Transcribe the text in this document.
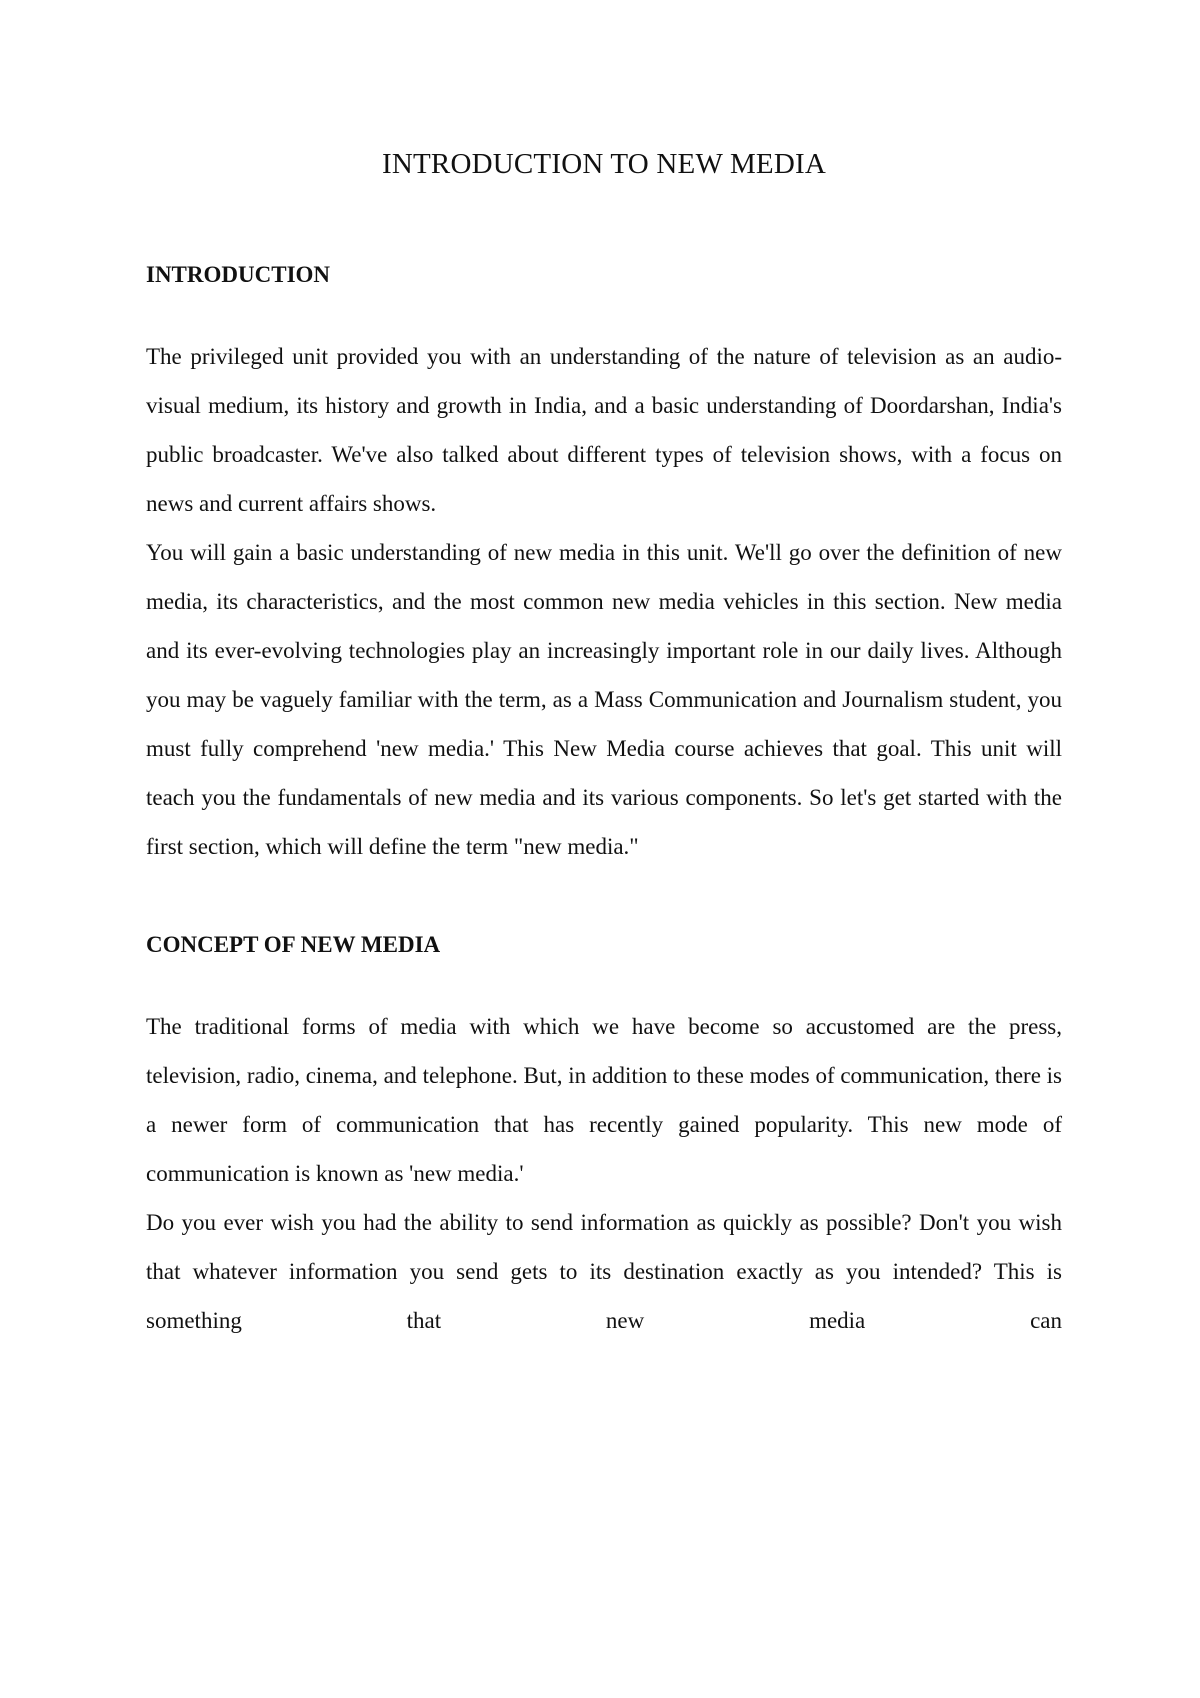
INTRODUCTION TO NEW MEDIA
INTRODUCTION

The privileged unit provided you with an understanding of the nature of television as an audio-visual medium, its history and growth in India, and a basic understanding of Doordarshan, India's public broadcaster. We've also talked about different types of television shows, with a focus on news and current affairs shows.

You will gain a basic understanding of new media in this unit. We'll go over the definition of new media, its characteristics, and the most common new media vehicles in this section. New media and its ever-evolving technologies play an increasingly important role in our daily lives. Although you may be vaguely familiar with the term, as a Mass Communication and Journalism student, you must fully comprehend 'new media.' This New Media course achieves that goal. This unit will teach you the fundamentals of new media and its various components. So let's get started with the first section, which will define the term "new media."

CONCEPT OF NEW MEDIA

The traditional forms of media with which we have become so accustomed are the press, television, radio, cinema, and telephone. But, in addition to these modes of communication, there is a newer form of communication that has recently gained popularity. This new mode of communication is known as 'new media.'

Do you ever wish you had the ability to send information as quickly as possible? Don't you wish that whatever information you send gets to its destination exactly as you intended? This is something that new media can
